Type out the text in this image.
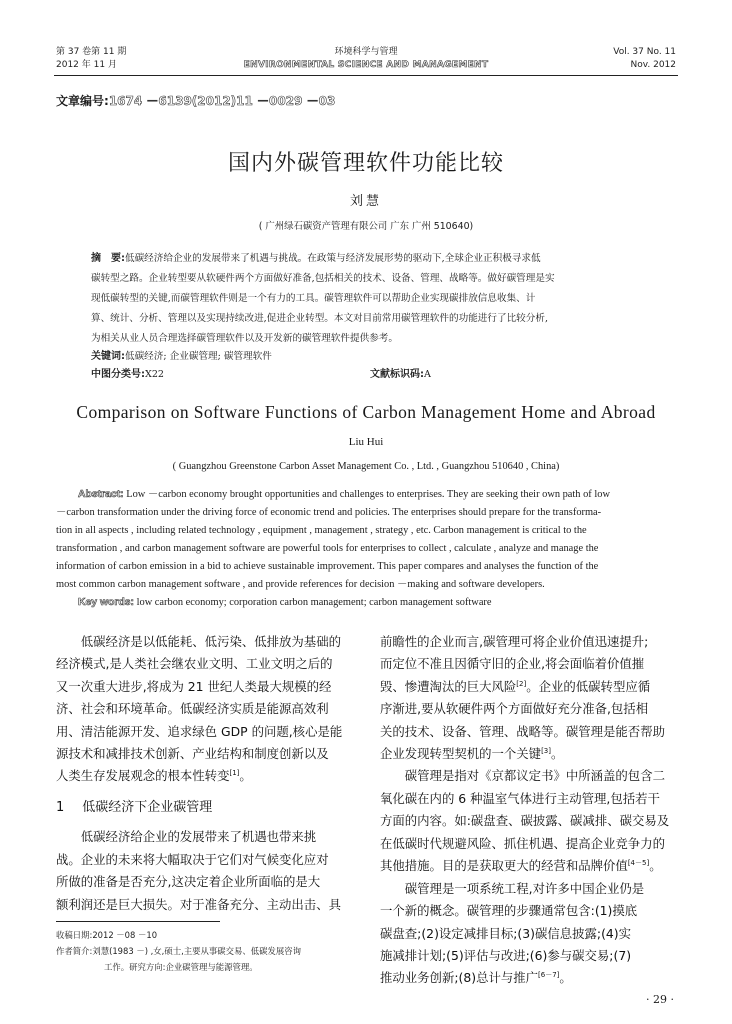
第 37 卷第 11 期
2012 年 11 月
环境科学与管理
ENVIRONMENTAL SCIENCE AND MANAGEMENT
Vol. 37 No. 11
Nov. 2012
文章编号:1674 －6139(2012)11 －0029 －03
国内外碳管理软件功能比较
刘慧
( 广州绿石碳资产管理有限公司 广东 广州 510640)
摘　要:低碳经济给企业的发展带来了机遇与挑战。在政策与经济发展形势的驱动下,全球企业正积极寻求低
碳转型之路。企业转型要从软硬件两个方面做好准备,包括相关的技术、设备、管理、战略等。做好碳管理是实
现低碳转型的关键,而碳管理软件则是一个有力的工具。碳管理软件可以帮助企业实现碳排放信息收集、计
算、统计、分析、管理以及实现持续改进,促进企业转型。本文对目前常用碳管理软件的功能进行了比较分析,
为相关从业人员合理选择碳管理软件以及开发新的碳管理软件提供参考。
关键词:低碳经济; 企业碳管理; 碳管理软件
中图分类号:X22	文献标识码:A
Comparison on Software Functions of Carbon Management Home and Abroad
Liu Hui
( Guangzhou Greenstone Carbon Asset Management Co. , Ltd. , Guangzhou 510640 , China)
Abstract: Low －carbon economy brought opportunities and challenges to enterprises. They are seeking their own path of low
－carbon transformation under the driving force of economic trend and policies. The enterprises should prepare for the transforma-
tion in all aspects , including related technology , equipment , management , strategy , etc. Carbon management is critical to the
transformation , and carbon management software are powerful tools for enterprises to collect , calculate , analyze and manage the
information of carbon emission in a bid to achieve sustainable improvement. This paper compares and analyses the function of the
most common carbon management software , and provide references for decision －making and software developers.
Key words: low carbon economy; corporation carbon management; carbon management software
　　低碳经济是以低能耗、低污染、低排放为基础的
经济模式,是人类社会继农业文明、工业文明之后的
又一次重大进步,将成为 21 世纪人类最大规模的经
济、社会和环境革命。低碳经济实质是能源高效利
用、清洁能源开发、追求绿色 GDP 的问题,核心是能
源技术和减排技术创新、产业结构和制度创新以及
人类生存发展观念的根本性转变[1]。
1 低碳经济下企业碳管理
　　低碳经济给企业的发展带来了机遇也带来挑
战。企业的未来将大幅取决于它们对气候变化应对
所做的准备是否充分,这决定着企业所面临的是大
额利润还是巨大损失。对于准备充分、主动出击、具
收稿日期:2012 －08 －10
作者简介:刘慧(1983 －) ,女,硕士,主要从事碳交易、低碳发展咨询
工作。研究方向:企业碳管理与能源管理。
前瞻性的企业而言,碳管理可将企业价值迅速提升;
而定位不准且因循守旧的企业,将会面临着价值摧
毁、惨遭淘汰的巨大风险[2]。企业的低碳转型应循
序渐进,要从软硬件两个方面做好充分准备,包括相
关的技术、设备、管理、战略等。碳管理是能否帮助
企业发现转型契机的一个关键[3]。
　　碳管理是指对《京都议定书》中所涵盖的包含二
氧化碳在内的 6 种温室气体进行主动管理,包括若干
方面的内容。如:碳盘查、碳披露、碳减排、碳交易及
在低碳时代规避风险、抓住机遇、提高企业竞争力的
其他措施。目的是获取更大的经营和品牌价值[4－5]。
　　碳管理是一项系统工程,对许多中国企业仍是
一个新的概念。碳管理的步骤通常包含:(1)摸底
碳盘查;(2)设定减排目标;(3)碳信息披露;(4)实
施减排计划;(5)评估与改进;(6)参与碳交易;(7)
推动业务创新;(8)总计与推广[6－7]。
· 29 ·
